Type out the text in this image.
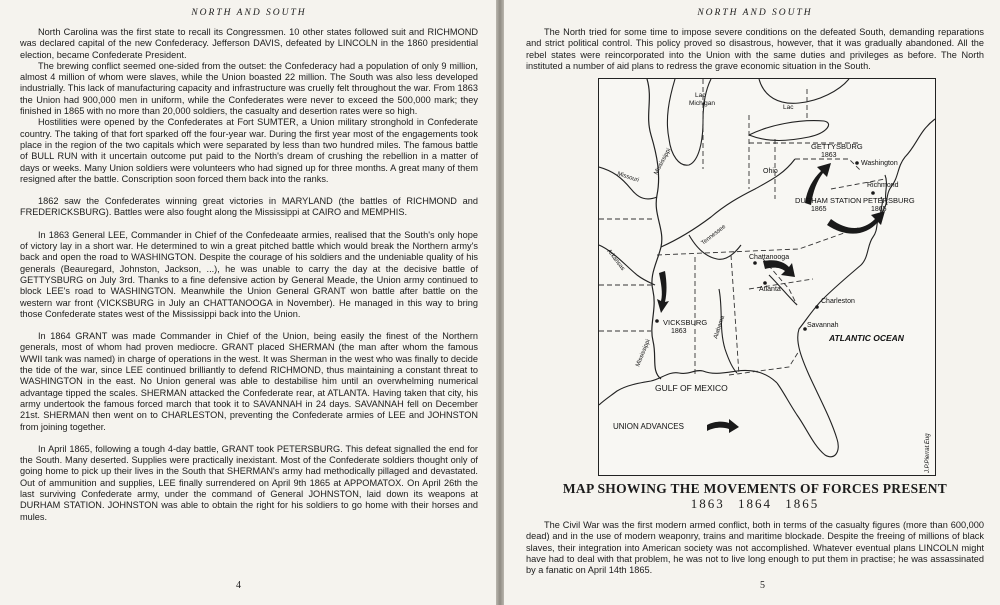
NORTH AND SOUTH

North Carolina was the first state to recall its Congressmen. 10 other states followed suit and RICHMOND was declared capital of the new Confederacy. Jefferson DAVIS, defeated by LINCOLN in the 1860 presidential election, became Confederate President.

The brewing conflict seemed one-sided from the outset: the Confederacy had a population of only 9 million, almost 4 million of whom were slaves, while the Union boasted 22 million. The South was also less developed industrially. This lack of manufacturing capacity and infrastructure was cruelly felt throughout the war. From 1863 the Union had 900,000 men in uniform, while the Confederates were never to exceed the 500,000 mark; they finished in 1865 with no more than 20,000 soldiers, the casualty and desertion rates were so high.

Hostilities were opened by the Confederates at Fort SUMTER, a Union military stronghold in Confederate country. The taking of that fort sparked off the four-year war. During the first year most of the engagements took place in the region of the two capitals which were separated by less than two hundred miles. The famous battle of BULL RUN with it uncertain outcome put paid to the North's dream of crushing the rebellion in a matter of days or weeks. Many Union soldiers were volunteers who had signed up for three months. A great many of them resigned after the battle. Conscription soon forced them back into the ranks.

1862 saw the Confederates winning great victories in MARYLAND (the battles of RICHMOND and FREDERICKSBURG). Battles were also fought along the Mississippi at CAIRO and MEMPHIS.

In 1863 General LEE, Commander in Chief of the Confedeaate armies, realised that the South's only hope of victory lay in a short war. He determined to win a great pitched battle which would break the Northern army's back and open the road to WASHINGTON. Despite the courage of his soldiers and the undeniable quality of his generals (Beauregard, Johnston, Jackson, ...), he was unable to carry the day at the decisive battle of GETTYSBURG on July 3rd. Thanks to a fine defensive action by General Meade, the Union army continued to block LEE's road to WASHINGTON. Meanwhile the Union General GRANT won battle after battle on the western war front (VICKSBURG in July an CHATTANOOGA in November). He managed in this way to bring those Confederate states west of the Mississippi back into the Union.

In 1864 GRANT was made Commander in Chief of the Union, being easily the finest of the Northern generals, most of whom had proven mediocre. GRANT placed SHERMAN (the man after whom the famous WWII tank was named) in charge of operations in the west. It was Sherman in the west who was finally to decide the tide of the war, since LEE continued brilliantly to defend RICHMOND, thus maintaining a constant threat to WASHINGTON in the east. No Union general was able to destabilise him until an overwhelming numerical advantage tipped the scales. SHERMAN attacked the Confederate rear, at ATLANTA. Having taken that city, his army undertook the famous forced march that took it to SAVANNAH in 24 days. SAVANNAH fell on December 21st. SHERMAN then went on to CHARLESTON, preventing the Confederate armies of LEE and JOHNSTON from joining together.

In April 1865, following a tough 4-day battle, GRANT took PETERSBURG. This defeat signalled the end for the South. Many deserted. Supplies were practically inexistant. Most of the Confederate soldiers thought only of going home to pick up their lives in the South that SHERMAN's army had methodically pillaged and devastated. Out of ammunition and supplies, LEE finally surrendered on April 9th 1865 at APPOMATOX. On April 26th the last surviving Confederate army, under the command of General JOHNSTON, laid down its weapons at DURHAM STATION. JOHNSTON was able to obtain the right for his soldiers to go home with their horses and mules.

4
NORTH AND SOUTH

The North tried for some time to impose severe conditions on the defeated South, demanding reparations and strict political control. This policy proved so disastrous, however, that it was gradually abandoned. All the rebel states were reincorporated into the Union with the same duties and privileges as before. The North instituted a number of aid plans to redress the grave economic situation in the South.

Lac
Michigan
Lac
Mississippi
Missouri	Ohio
GETTYSBURG
1863
Washington
Richmond
DURHAM STATION
1865
PETERSBURG
1865
Tennessee
Chattanooga
Arkansas
Atlanta
Charleston
Savannah
VICKSBURG
1863
Mississippi
Alabama	ATLANTIC OCEAN
GULF OF MEXICO
UNION ADVANCES
J.P.Pierrat.Eug
MAP SHOWING THE MOVEMENTS OF FORCES PRESENT
1863 1864 1865

The Civil War was the first modern armed conflict, both in terms of the casualty figures (more than 600,000 dead) and in the use of modern weaponry, trains and maritime blockade. Despite the freeing of millions of black slaves, their integration into American society was not accomplished. Whatever eventual plans LINCOLN might have had to deal with that problem, he was not to live long enough to put them in practise; he was assassinated by a fanatic on April 14th 1865.

5
